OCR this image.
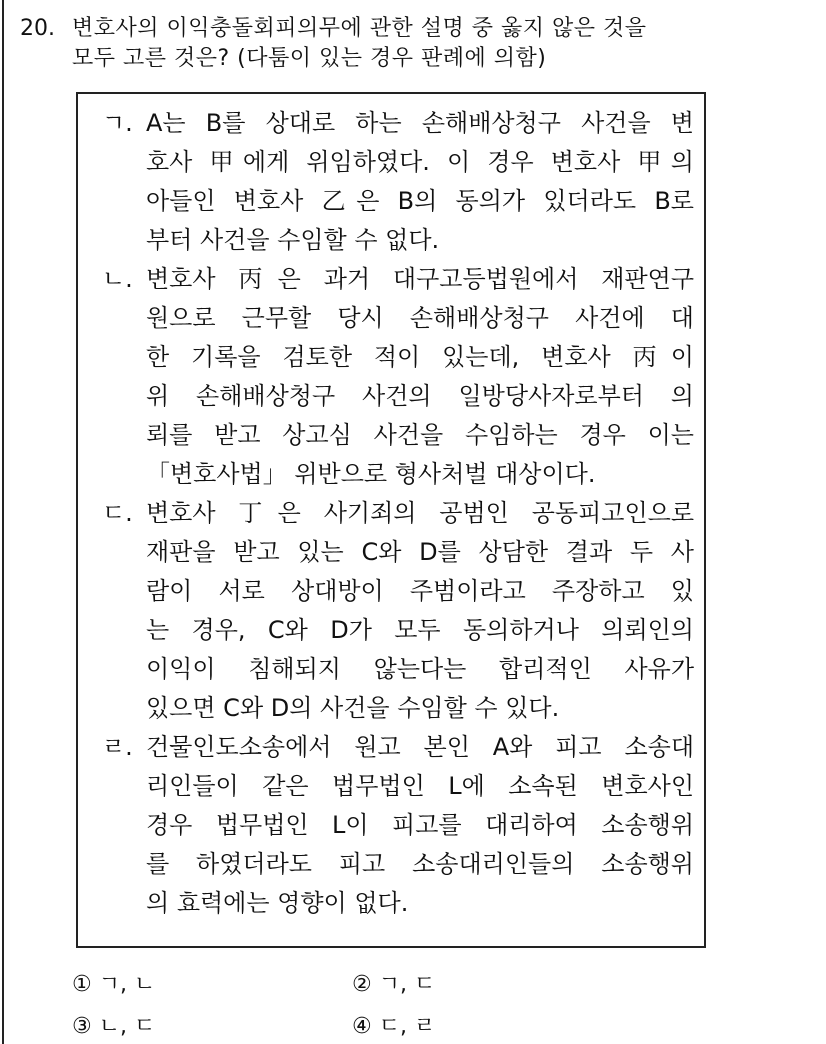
20. 변호사의 이익충돌회피의무에 관한 설명 중 옳지 않은 것을
모두 고른 것은? (다툼이 있는 경우 판례에 의함)
ㄱ. A는 B를 상대로 하는 손해배상청구 사건을 변
호사 甲에게 위임하였다. 이 경우 변호사 甲의
아들인 변호사 乙은 B의 동의가 있더라도 B로
부터 사건을 수임할 수 없다.
ㄴ. 변호사 丙은 과거 대구고등법원에서 재판연구
원으로 근무할 당시 손해배상청구 사건에 대
한 기록을 검토한 적이 있는데, 변호사 丙이
위 손해배상청구 사건의 일방당사자로부터 의
뢰를 받고 상고심 사건을 수임하는 경우 이는
「변호사법」 위반으로 형사처벌 대상이다.
ㄷ. 변호사 丁은 사기죄의 공범인 공동피고인으로
재판을 받고 있는 C와 D를 상담한 결과 두 사
람이 서로 상대방이 주범이라고 주장하고 있
는 경우, C와 D가 모두 동의하거나 의뢰인의
이익이 침해되지 않는다는 합리적인 사유가
있으면 C와 D의 사건을 수임할 수 있다.
ㄹ. 건물인도소송에서 원고 본인 A와 피고 소송대
리인들이 같은 법무법인 L에 소속된 변호사인
경우 법무법인 L이 피고를 대리하여 소송행위
를 하였더라도 피고 소송대리인들의 소송행위
의 효력에는 영향이 없다.
① ㄱ, ㄴ	② ㄱ, ㄷ
③ ㄴ, ㄷ	④ ㄷ, ㄹ
